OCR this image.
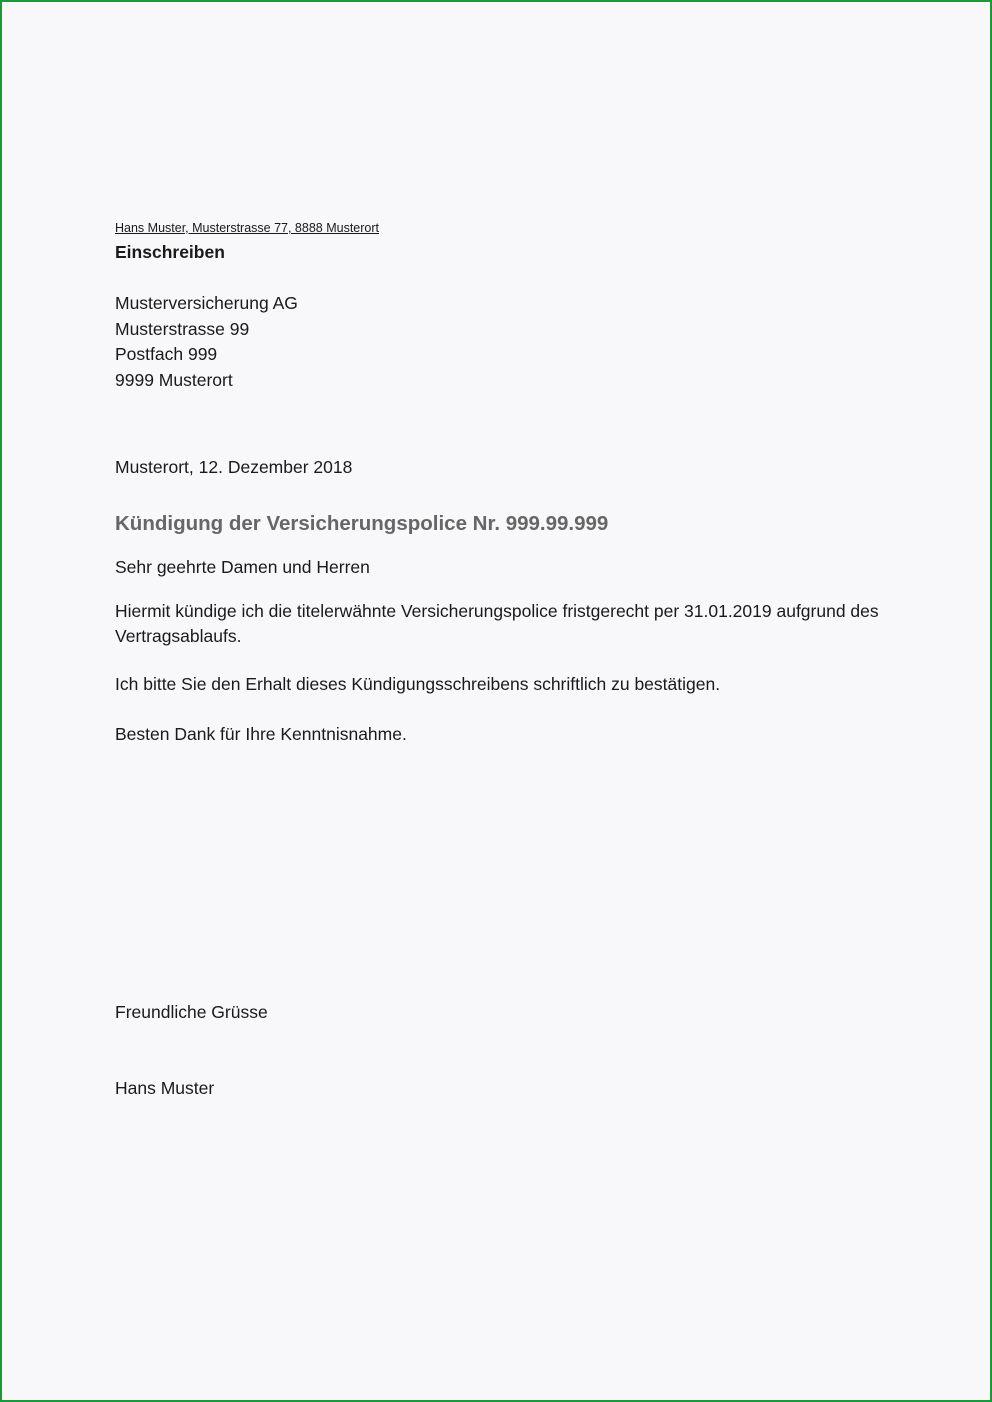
Hans Muster, Musterstrasse 77, 8888 Musterort

Einschreiben

Musterversicherung AG

Musterstrasse 99

Postfach 999

9999 Musterort

Musterort, 12. Dezember 2018

Kündigung der Versicherungspolice Nr. 999.99.999

Sehr geehrte Damen und Herren

Hiermit kündige ich die titelerwähnte Versicherungspolice fristgerecht per 31.01.2019 aufgrund des Vertragsablaufs.

Ich bitte Sie den Erhalt dieses Kündigungsschreibens schriftlich zu bestätigen.

Besten Dank für Ihre Kenntnisnahme.

Freundliche Grüsse

Hans Muster
